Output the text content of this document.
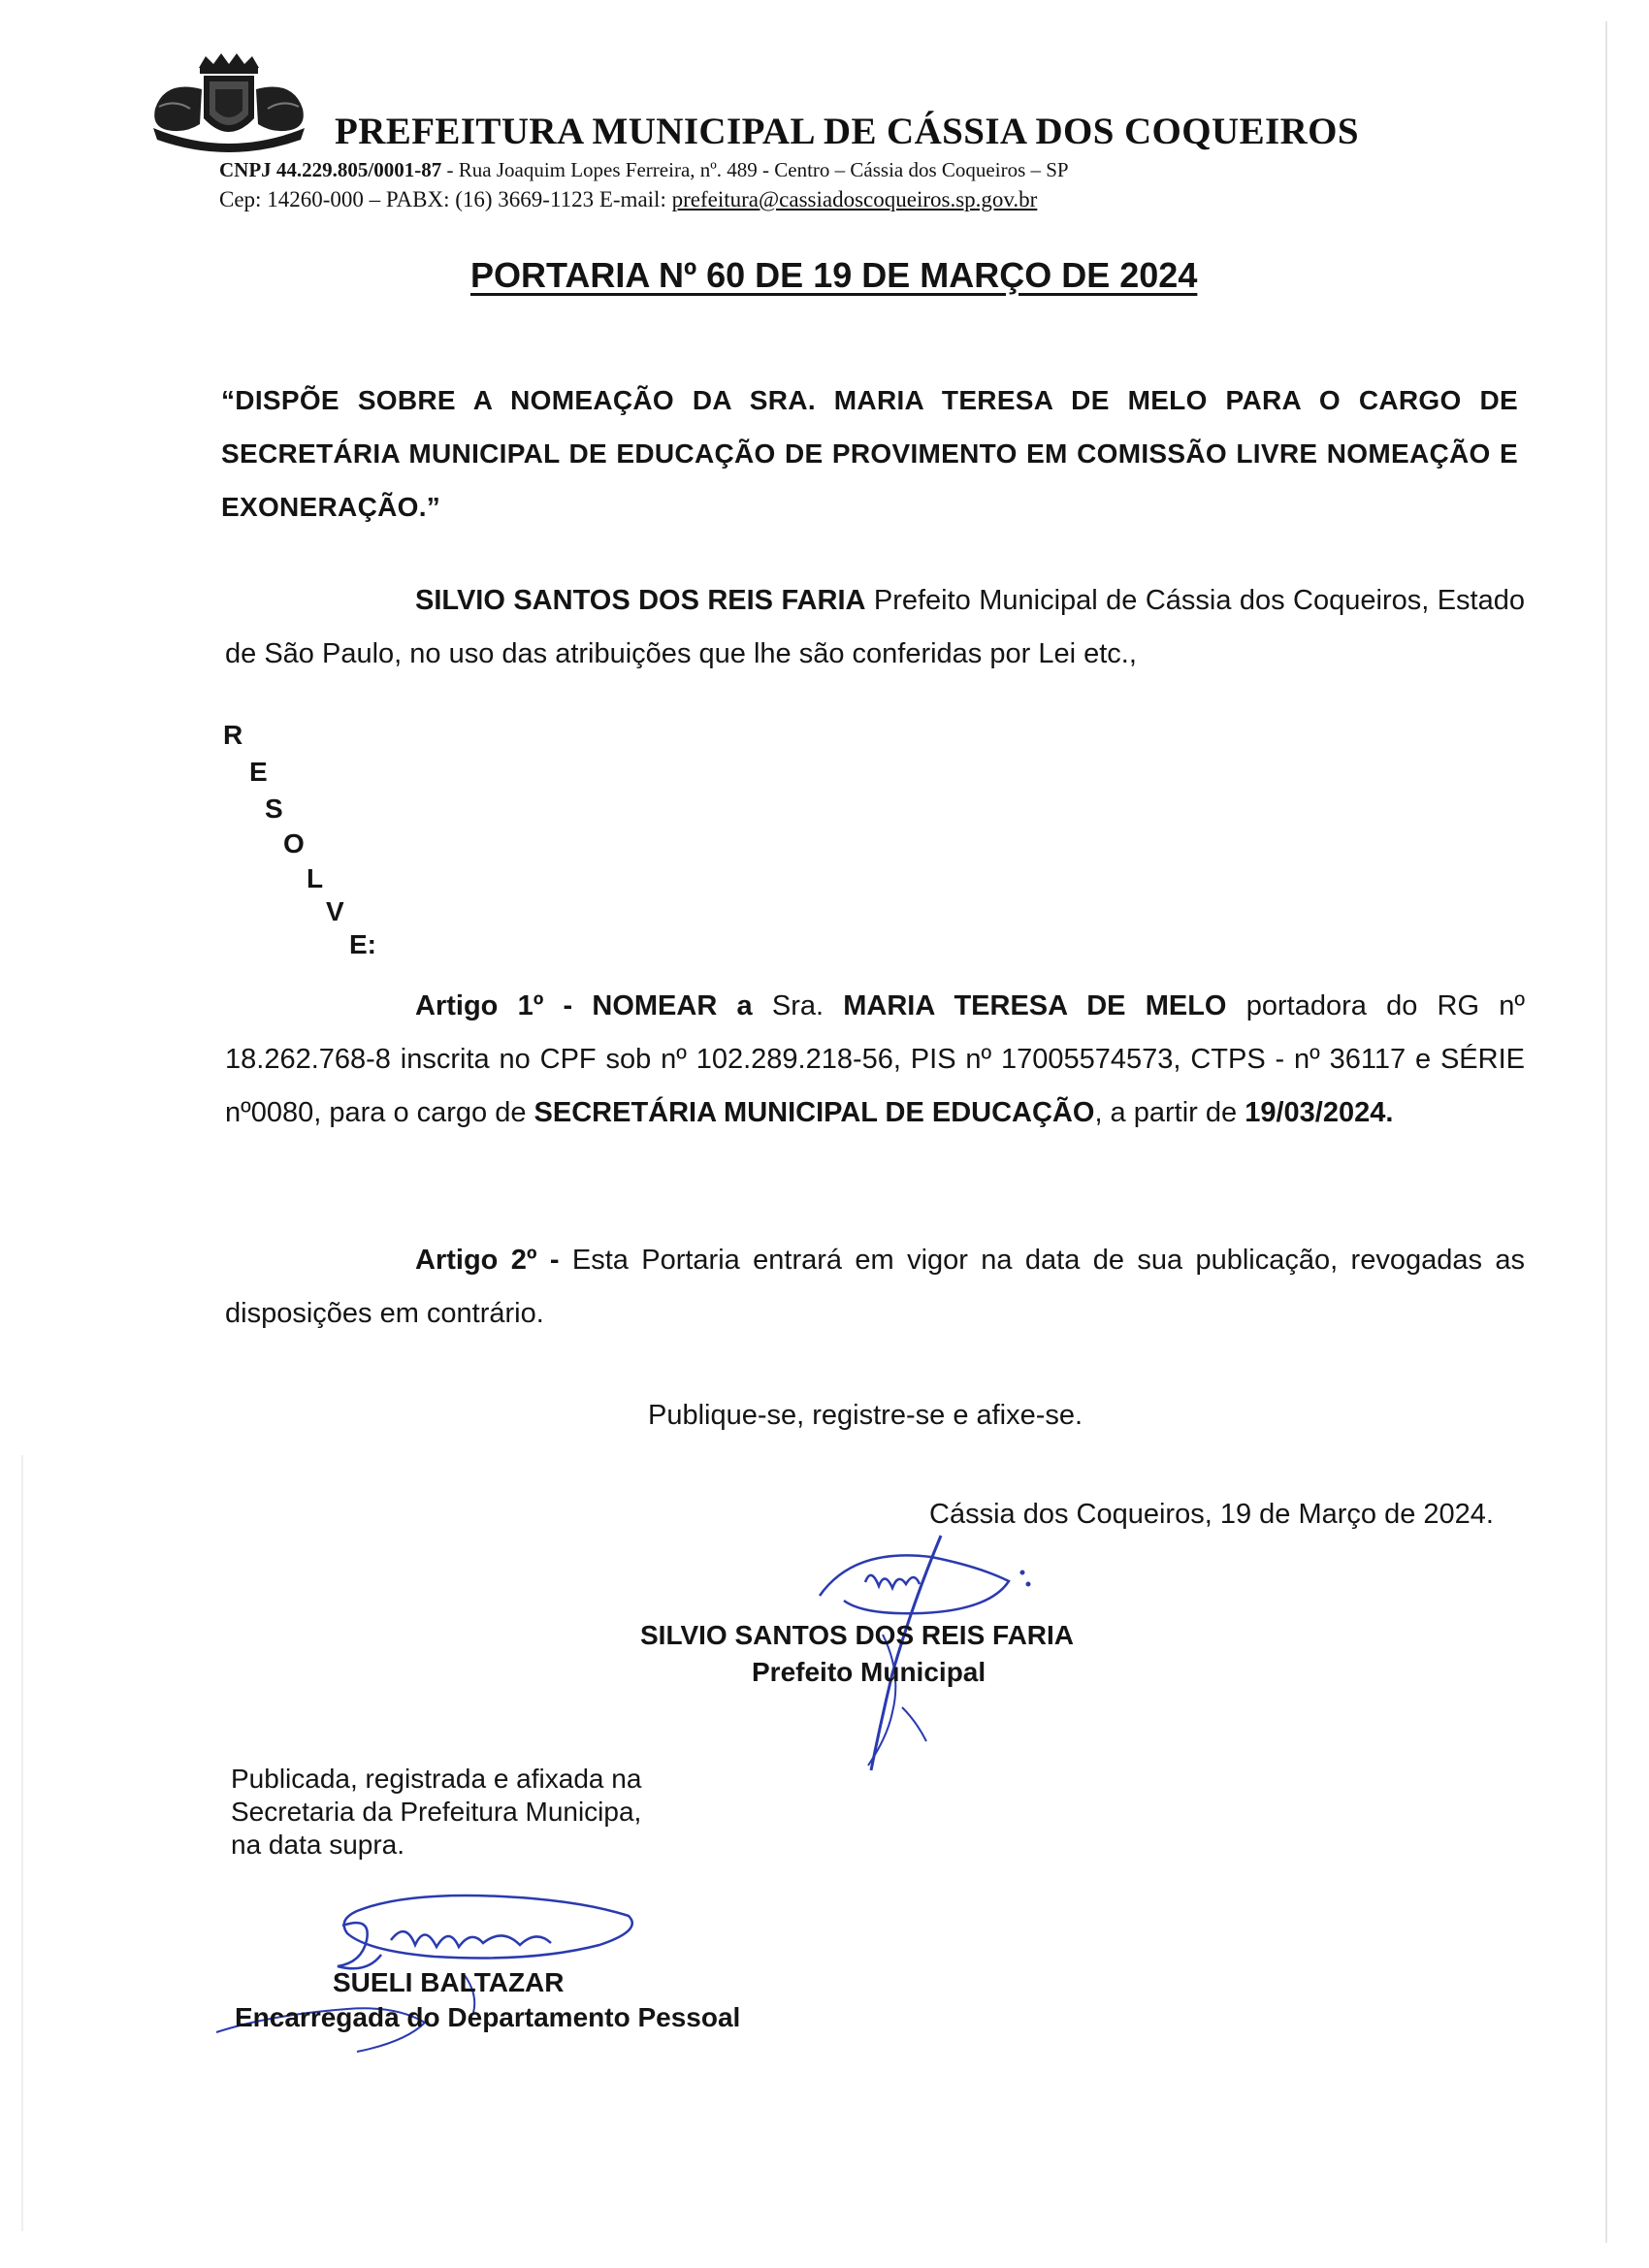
PREFEITURA MUNICIPAL DE CÁSSIA DOS COQUEIROS
CNPJ 44.229.805/0001-87 - Rua Joaquim Lopes Ferreira, nº. 489 - Centro – Cássia dos Coqueiros – SP
Cep: 14260-000 – PABX: (16) 3669-1123 E-mail: prefeitura@cassiadoscoqueiros.sp.gov.br
PORTARIA Nº 60 DE 19 DE MARÇO DE 2024
“DISPÕE SOBRE A NOMEAÇÃO DA SRA. MARIA TERESA DE MELO PARA O CARGO DE SECRETÁRIA MUNICIPAL DE EDUCAÇÃO DE PROVIMENTO EM COMISSÃO LIVRE NOMEAÇÃO E EXONERAÇÃO.”
SILVIO SANTOS DOS REIS FARIA Prefeito Municipal de Cássia dos Coqueiros, Estado de São Paulo, no uso das atribuições que lhe são conferidas por Lei etc.,
R
E
S
O
L
V
E:
Artigo 1º - NOMEAR a Sra. MARIA TERESA DE MELO portadora do RG nº 18.262.768-8 inscrita no CPF sob nº 102.289.218-56, PIS nº 17005574573, CTPS - nº 36117 e SÉRIE nº0080, para o cargo de SECRETÁRIA MUNICIPAL DE EDUCAÇÃO, a partir de 19/03/2024.
Artigo 2º - Esta Portaria entrará em vigor na data de sua publicação, revogadas as disposições em contrário.
Publique-se, registre-se e afixe-se.
Cássia dos Coqueiros, 19 de Março de 2024.
SILVIO SANTOS DOS REIS FARIA
Prefeito Municipal
Publicada, registrada e afixada na
Secretaria da Prefeitura Municipa,
na data supra.
SUELI BALTAZAR
Encarregada do Departamento Pessoal
